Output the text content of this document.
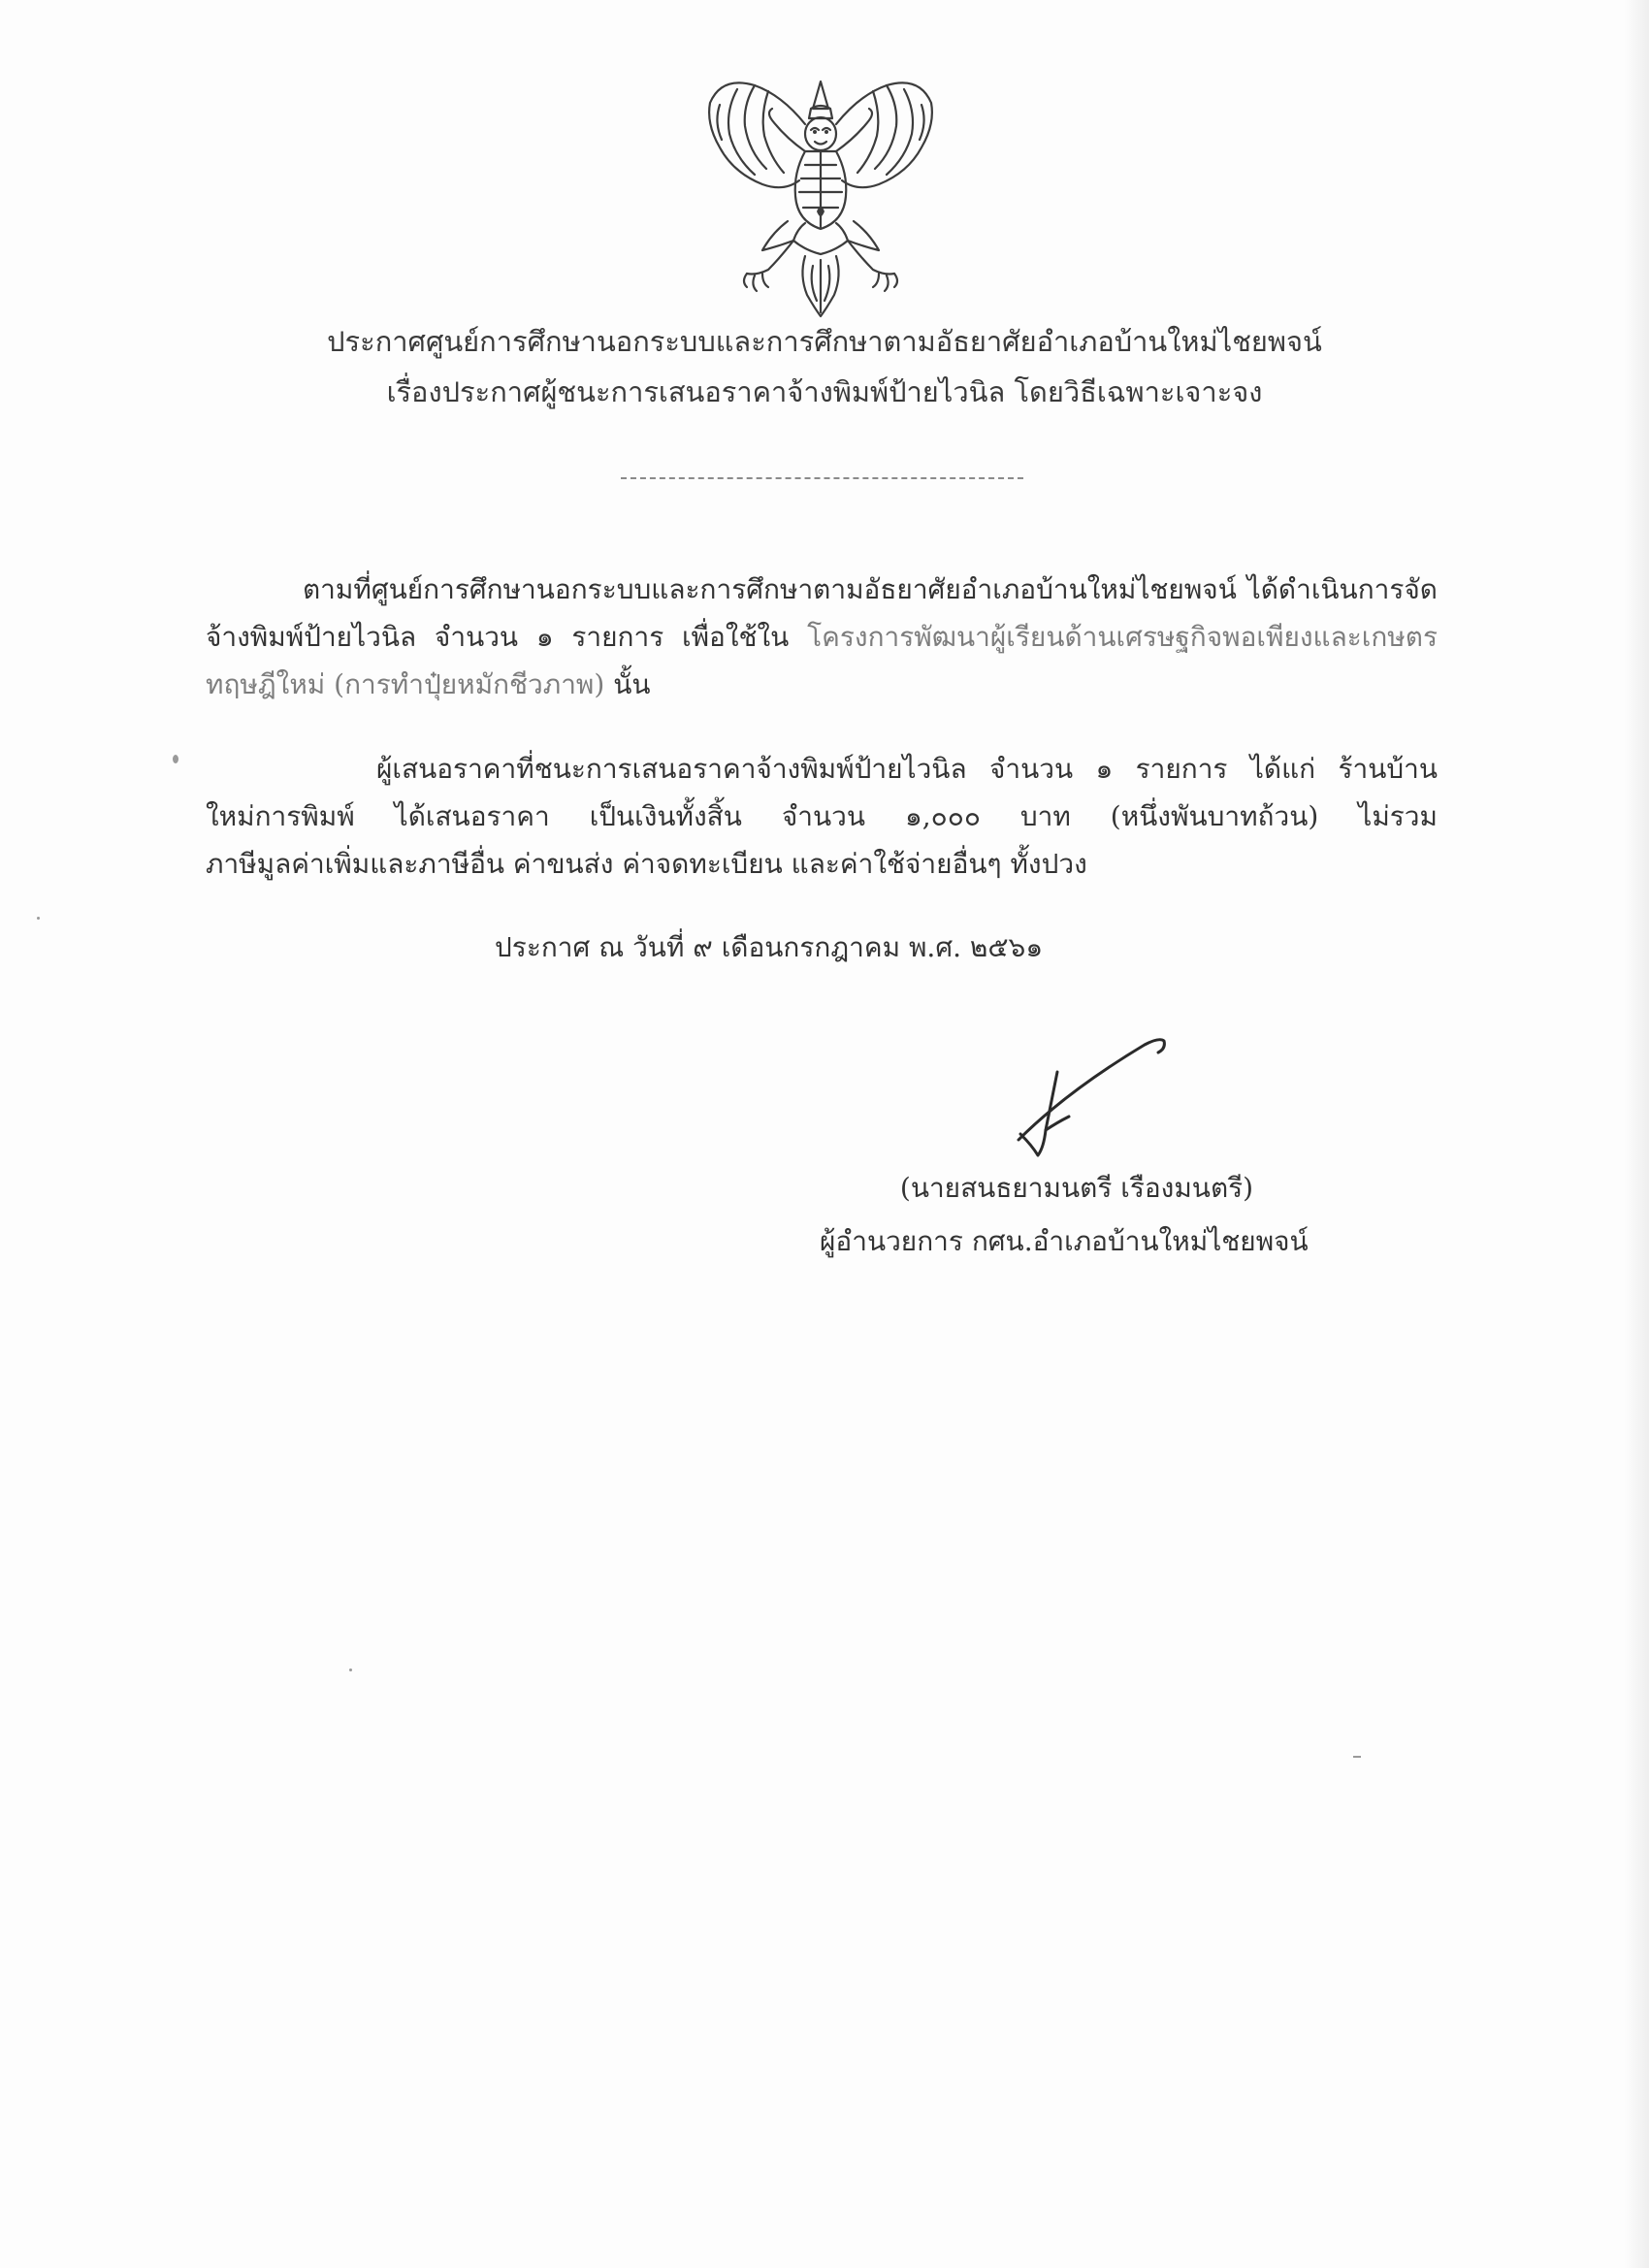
ประกาศศูนย์การศึกษานอกระบบและการศึกษาตามอัธยาศัยอำเภอบ้านใหม่ไชยพจน์
เรื่องประกาศผู้ชนะการเสนอราคาจ้างพิมพ์ป้ายไวนิล โดยวิธีเฉพาะเจาะจง
ตามที่ศูนย์การศึกษานอกระบบและการศึกษาตามอัธยาศัยอำเภอบ้านใหม่ไชยพจน์ ได้ดำเนินการจัด
จ้างพิมพ์ป้ายไวนิล จำนวน ๑ รายการ เพื่อใช้ใน โครงการพัฒนาผู้เรียนด้านเศรษฐกิจพอเพียงและเกษตร
ทฤษฎีใหม่ (การทำปุ๋ยหมักชีวภาพ) นั้น
ผู้เสนอราคาที่ชนะการเสนอราคาจ้างพิมพ์ป้ายไวนิล จำนวน ๑ รายการ ได้แก่ ร้านบ้าน
ใหม่การพิมพ์ ได้เสนอราคา เป็นเงินทั้งสิ้น จำนวน ๑,๐๐๐ บาท (หนึ่งพันบาทถ้วน) ไม่รวม
ภาษีมูลค่าเพิ่มและภาษีอื่น ค่าขนส่ง ค่าจดทะเบียน และค่าใช้จ่ายอื่นๆ ทั้งปวง
ประกาศ ณ วันที่ ๙ เดือนกรกฎาคม พ.ศ. ๒๕๖๑
(นายสนธยามนตรี เรืองมนตรี)
ผู้อำนวยการ กศน.อำเภอบ้านใหม่ไชยพจน์
